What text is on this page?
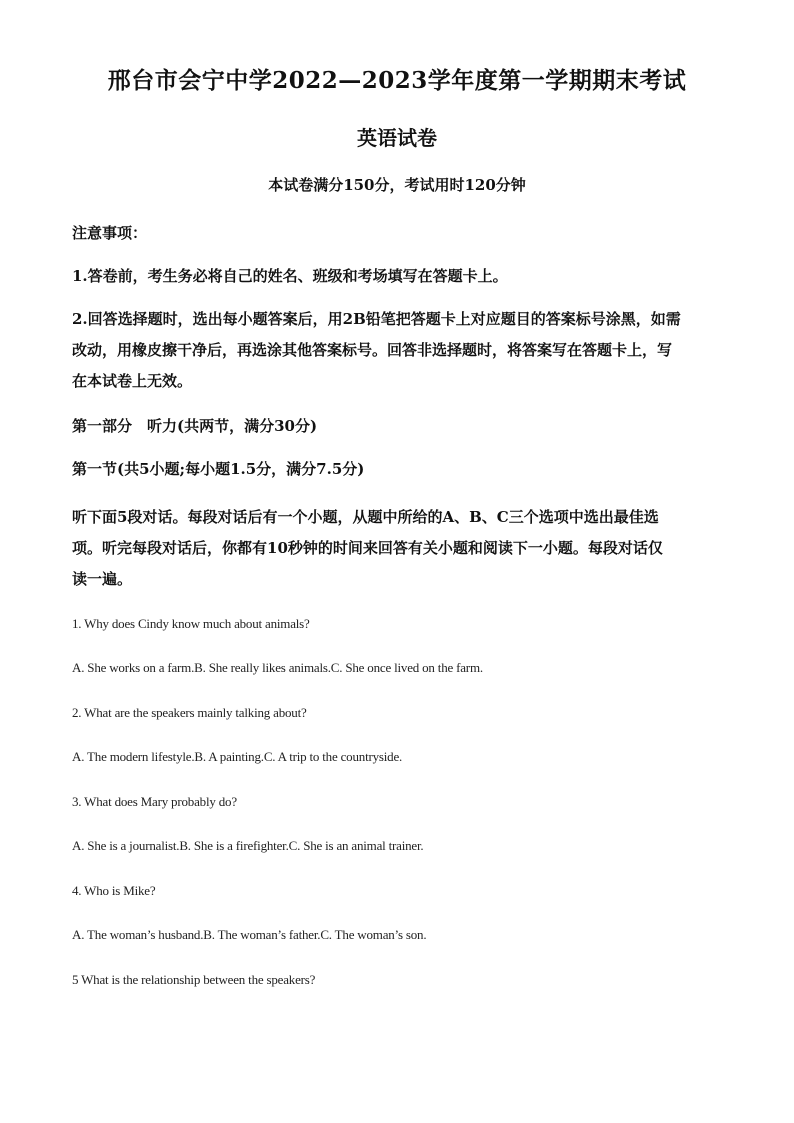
邢台市会宁中学2022—2023学年度第一学期期末考试
英语试卷
本试卷满分150分，考试用时120分钟
注意事项：
1.答卷前，考生务必将自己的姓名、班级和考场填写在答题卡上。
2.回答选择题时，选出每小题答案后，用2B铅笔把答题卡上对应题目的答案标号涂黑，如需
改动，用橡皮擦干净后，再选涂其他答案标号。回答非选择题时，将答案写在答题卡上，写
在本试卷上无效。
第一部分　听力(共两节，满分30分)
第一节(共5小题;每小题1.5分，满分7.5分)
听下面5段对话。每段对话后有一个小题，从题中所给的A、B、C三个选项中选出最佳选
项。听完每段对话后，你都有10秒钟的时间来回答有关小题和阅读下一小题。每段对话仅
读一遍。
1. Why does Cindy know much about animals?
A. She works on a farm.B. She really likes animals.C. She once lived on the farm.
2. What are the speakers mainly talking about?
A. The modern lifestyle.B. A painting.C. A trip to the countryside.
3. What does Mary probably do?
A. She is a journalist.B. She is a firefighter.C. She is an animal trainer.
4. Who is Mike?
A. The woman’s husband.B. The woman’s father.C. The woman’s son.
5 What is the relationship between the speakers?
